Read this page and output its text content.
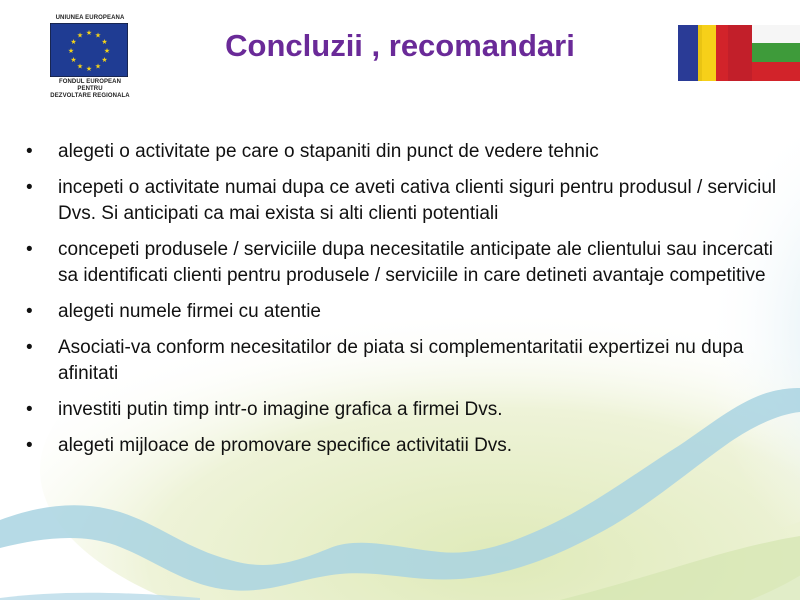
UNIUNEA EUROPEANA
★ ★
★
★
★
★
★
★
★
★
★
★
FONDUL EUROPEAN PENTRU
DEZVOLTARE REGIONALA
Concluzii , recomandari
• alegeti o activitate pe care o stapaniti din punct de vedere tehnic
• incepeti o activitate numai dupa ce aveti cativa clienti siguri pentru produsul / serviciul Dvs. Si anticipati ca mai exista si alti clienti potentiali
• concepeti produsele / serviciile dupa necesitatile anticipate ale clientului sau incercati sa identificati clienti pentru produsele / serviciile in care detineti avantaje competitive
• alegeti numele firmei cu atentie
• Asociati-va conform necesitatilor de piata si complementaritatii expertizei nu dupa afinitati
• investiti putin timp intr-o imagine grafica a firmei Dvs.
• alegeti mijloace de promovare specifice activitatii Dvs.
